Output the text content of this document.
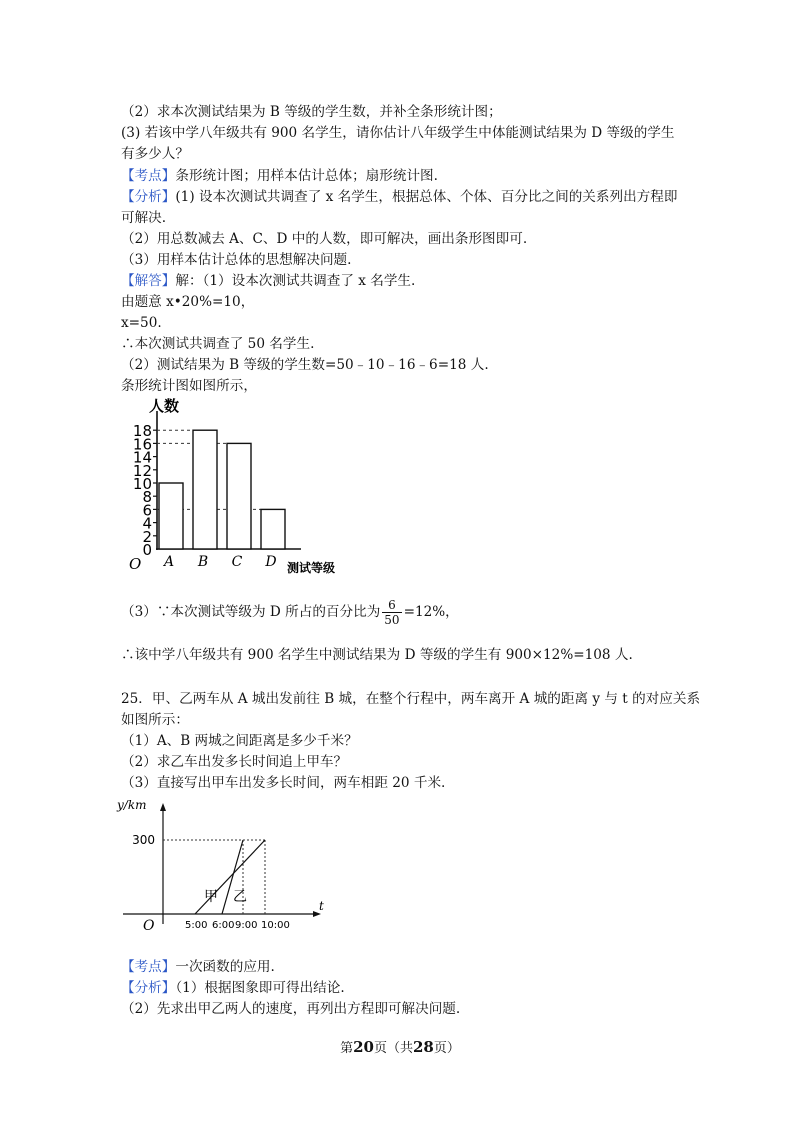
（2）求本次测试结果为 B 等级的学生数，并补全条形统计图；
(3) 若该中学八年级共有 900 名学生，请你估计八年级学生中体能测试结果为 D 等级的学生
有多少人？
【考点】条形统计图；用样本估计总体；扇形统计图.
【分析】(1) 设本次测试共调查了 x 名学生，根据总体、个体、百分比之间的关系列出方程即
可解决.
（2）用总数减去 A、C、D 中的人数，即可解决，画出条形图即可.
（3）用样本估计总体的思想解决问题.
【解答】解：（1）设本次测试共调查了 x 名学生.
由题意 x•20%=10，
x=50.
∴本次测试共调查了 50 名学生.
（2）测试结果为 B 等级的学生数=50﹣10﹣16﹣6=18 人.
条形统计图如图所示，
人数
O	测试等级
0
2
4
6
8
10
12
14
16
18
A B C D
（3）∵本次测试等级为 D 所占的百分比为 $\frac{6}{50} =12\%$，
∴该中学八年级共有 900 名学生中测试结果为 D 等级的学生有 900×12%=108 人.
25．甲、乙两车从 A 城出发前往 B 城，在整个行程中，两车离开 A 城的距离 y 与 t 的对应关系
如图所示：
（1）A、B 两城之间距离是多少千米？
（2）求乙车出发多长时间追上甲车？
（3）直接写出甲车出发多长时间，两车相距 20 千米.
y/km
t
O
300
5:00 6:00 9:00 10:00
甲 乙
【考点】一次函数的应用.
【分析】（1）根据图象即可得出结论.
（2）先求出甲乙两人的速度，再列出方程即可解决问题.
第20页（共28页）
